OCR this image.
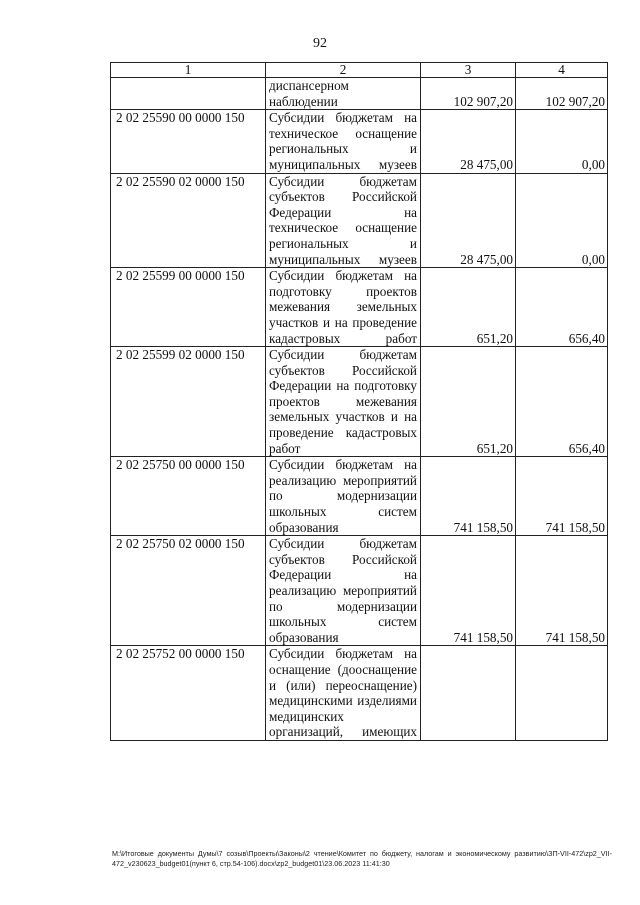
92
1	2	3	4
	диспансерном наблюдении	102 907,20	102 907,20
2 02 25590 00 0000 150	Субсидии бюджетам на техническое оснащение региональных и муниципальных музеев	28 475,00	0,00
2 02 25590 02 0000 150	Субсидии бюджетам субъектов Российской Федерации на техническое оснащение региональных и муниципальных музеев	28 475,00	0,00
2 02 25599 00 0000 150	Субсидии бюджетам на подготовку проектов межевания земельных участков и на проведение кадастровых работ	651,20	656,40
2 02 25599 02 0000 150	Субсидии бюджетам субъектов Российской Федерации на подготовку проектов межевания земельных участков и на проведение кадастровых работ	651,20	656,40
2 02 25750 00 0000 150	Субсидии бюджетам на реализацию мероприятий по модернизации школьных систем образования	741 158,50	741 158,50
2 02 25750 02 0000 150	Субсидии бюджетам субъектов Российской Федерации на реализацию мероприятий по модернизации школьных систем образования	741 158,50	741 158,50
2 02 25752 00 0000 150	Субсидии бюджетам на оснащение (дооснащение и (или) переоснащение) медицинскими изделиями медицинских организаций, имеющих		
M:\Итоговые документы Думы\7 созыв\Проекты\Законы\2 чтение\Комитет по бюджету, налогам и экономическому развитию\ЗП-VII-472\zp2_VII-472_v230623_budget01(пункт 6, стр.54-106).docx\zp2_budget01\23.06.2023 11:41:30
